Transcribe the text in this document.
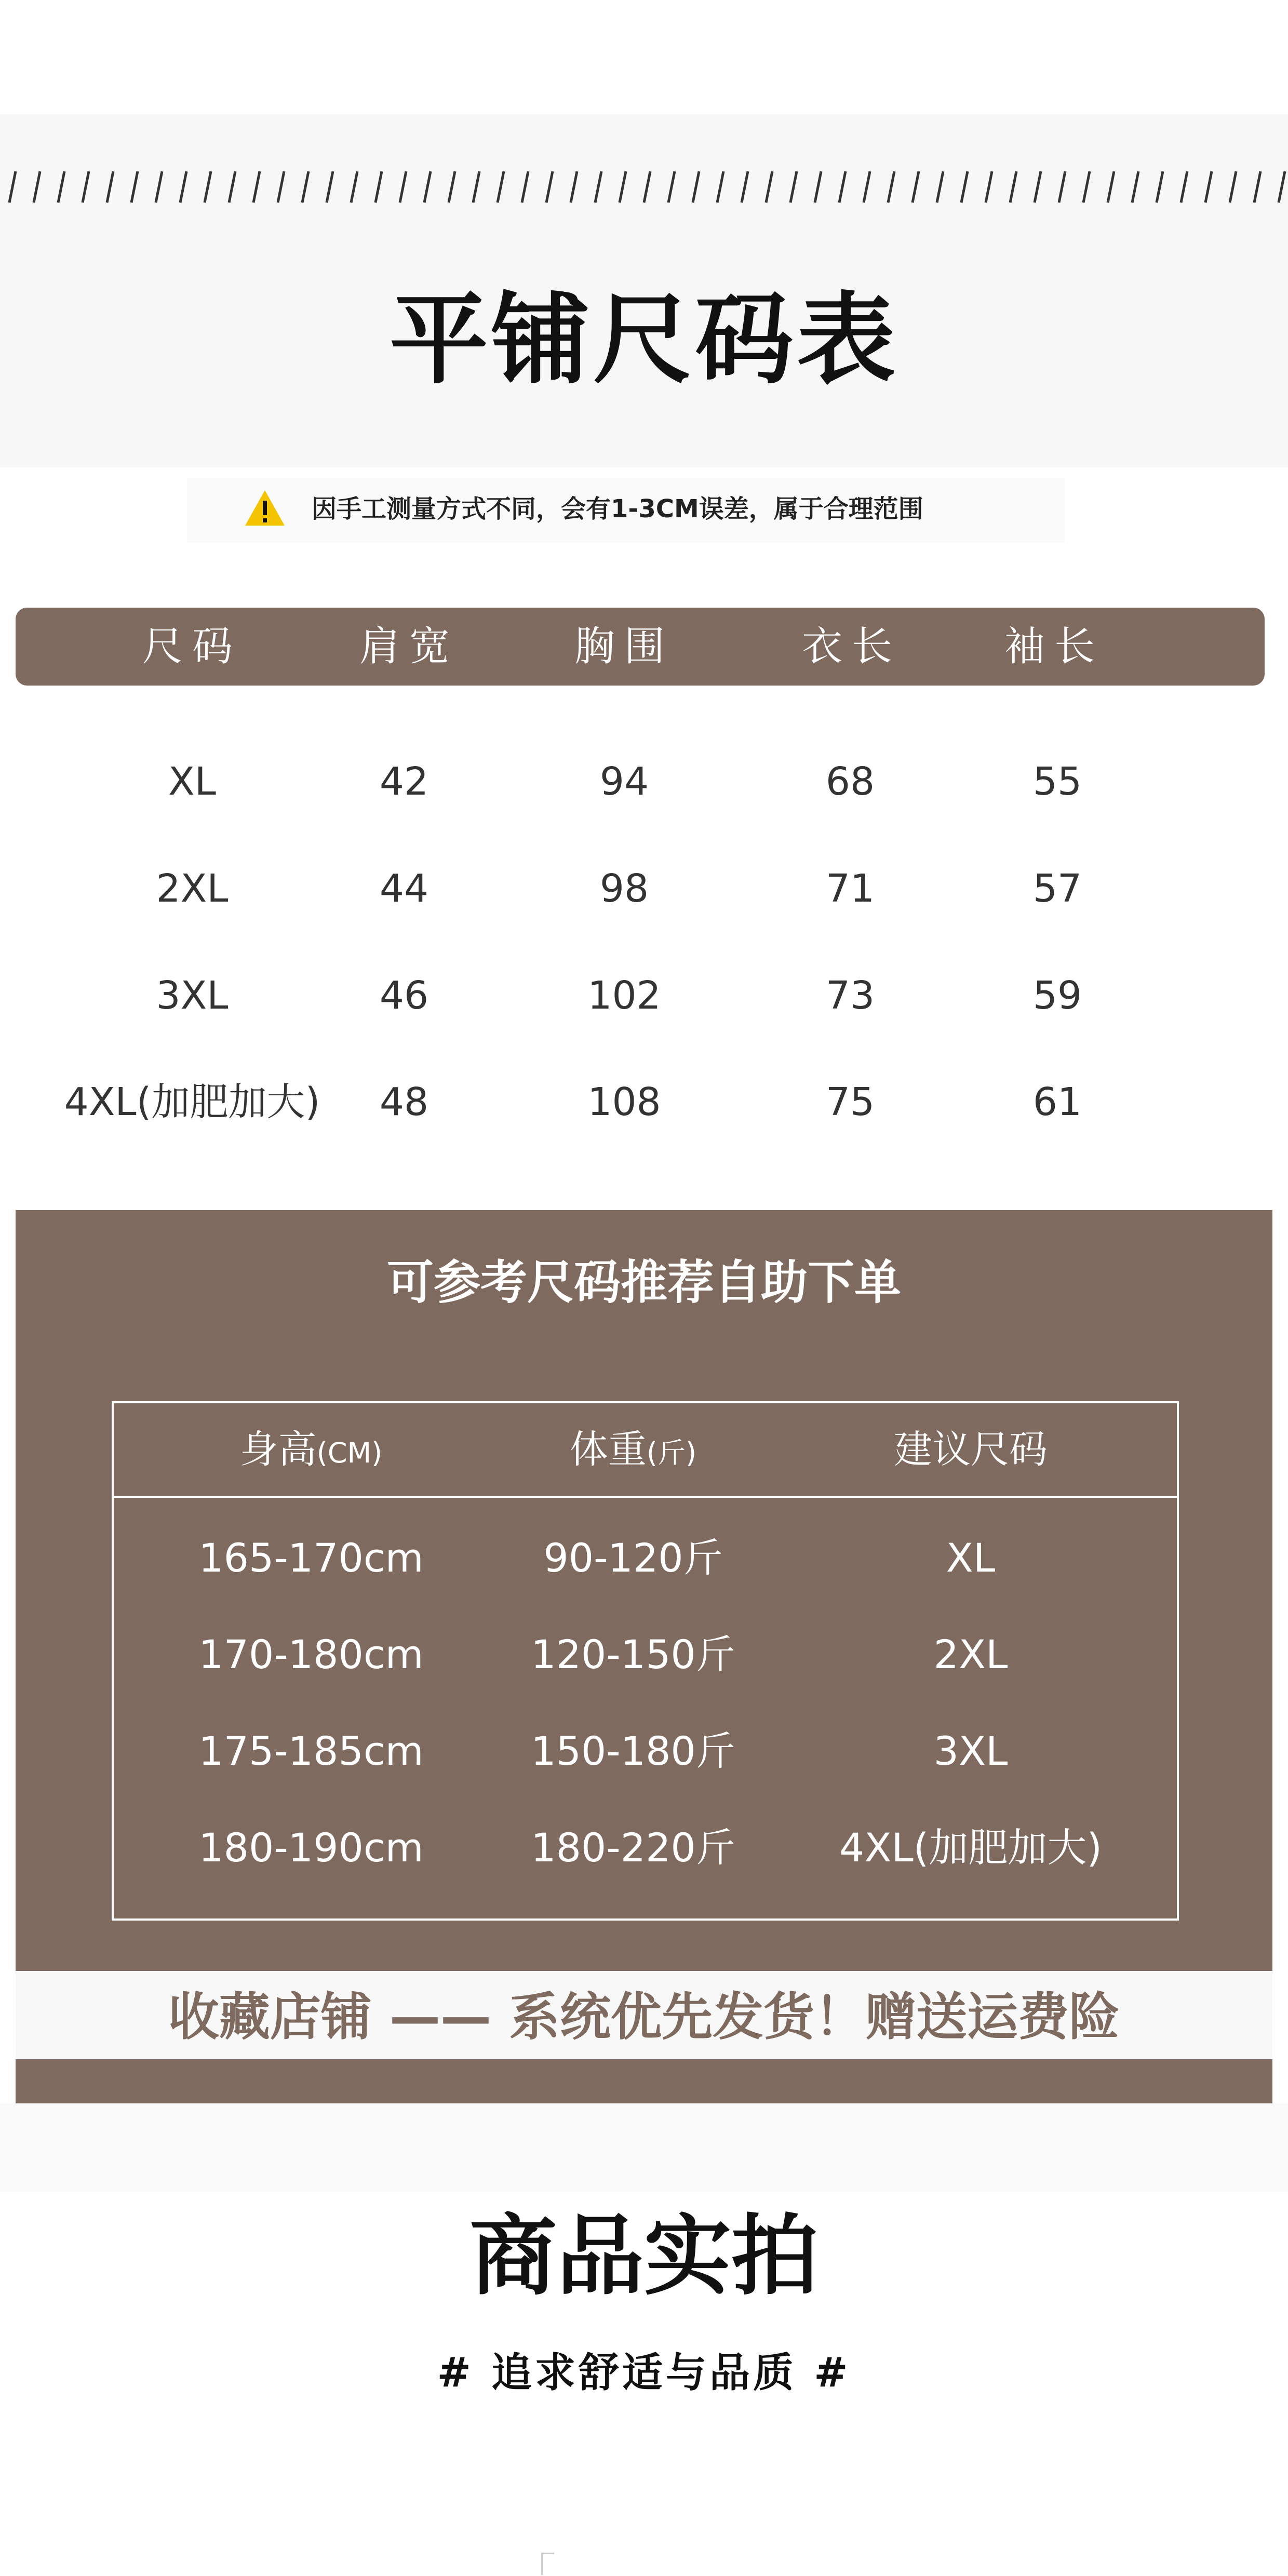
平铺尺码表
因手工测量方式不同，会有1-3CM误差，属于合理范围
尺码	肩宽	胸围	衣长	袖长
XL	42	94	68	55
2XL	44	98	71	57
3XL	46	102	73	59
4XL(加肥加大) 48	108	75	61
可参考尺码推荐自助下单
身高(CM)	体重(斤)	建议尺码
165-170cm	90-120斤	XL
170-180cm	120-150斤	2XL
175-185cm	150-180斤	3XL
180-190cm	180-220斤	4XL(加肥加大)
收藏店铺 —— 系统优先发货！赠送运费险
商品实拍
# 追求舒适与品质 #
